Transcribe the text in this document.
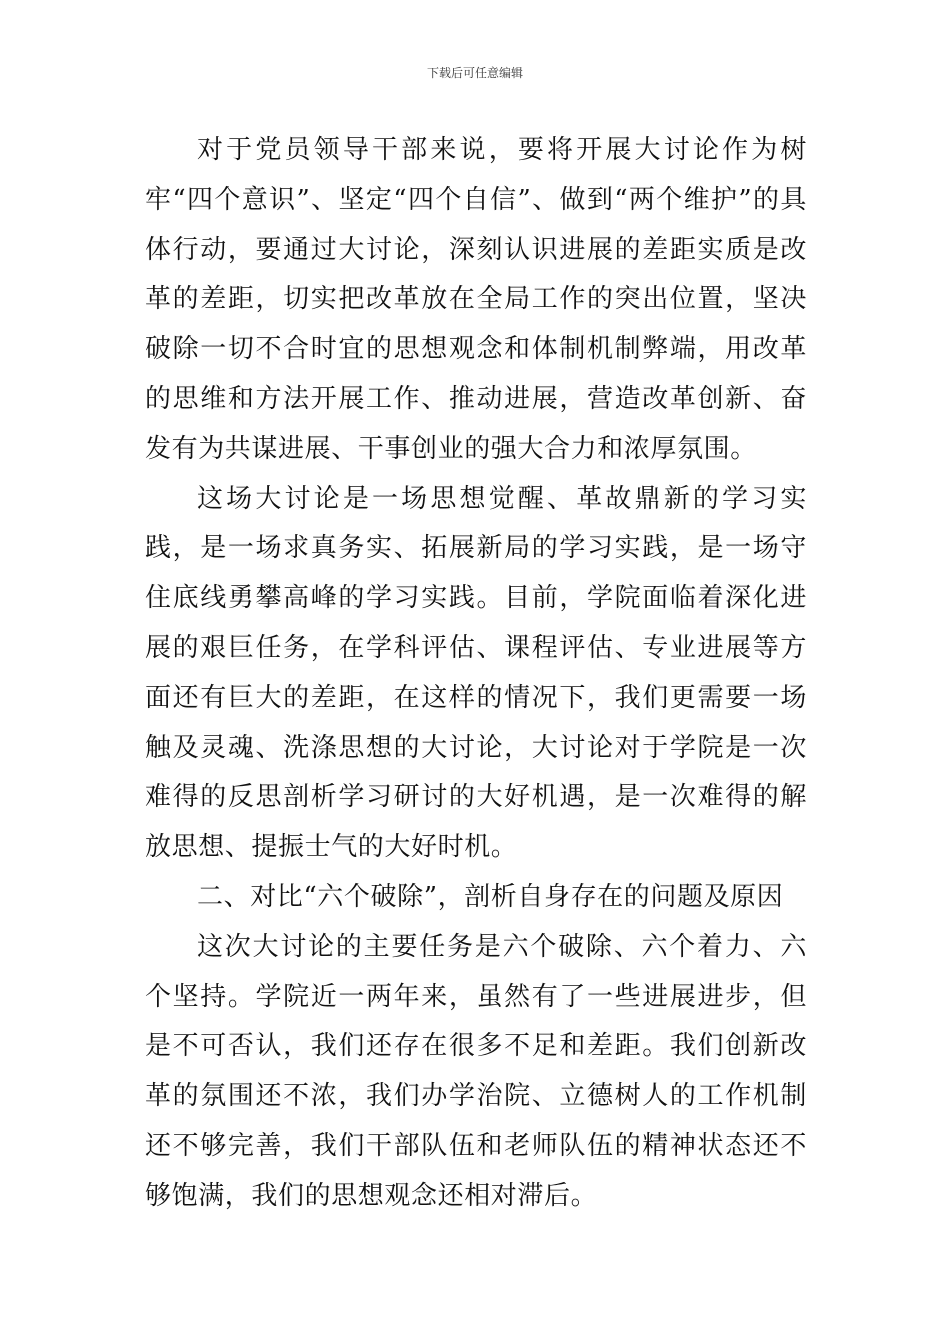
下载后可任意编辑

对于党员领导干部来说，要将开展大讨论作为树牢“四个意识”、坚定“四个自信”、做到“两个维护”的具体行动，要通过大讨论，深刻认识进展的差距实质是改革的差距，切实把改革放在全局工作的突出位置，坚决破除一切不合时宜的思想观念和体制机制弊端，用改革的思维和方法开展工作、推动进展，营造改革创新、奋发有为共谋进展、干事创业的强大合力和浓厚氛围。

这场大讨论是一场思想觉醒、革故鼎新的学习实践，是一场求真务实、拓展新局的学习实践，是一场守住底线勇攀高峰的学习实践。目前，学院面临着深化进展的艰巨任务，在学科评估、课程评估、专业进展等方面还有巨大的差距，在这样的情况下，我们更需要一场触及灵魂、洗涤思想的大讨论，大讨论对于学院是一次难得的反思剖析学习研讨的大好机遇，是一次难得的解放思想、提振士气的大好时机。

二、对比“六个破除”，剖析自身存在的问题及原因

这次大讨论的主要任务是六个破除、六个着力、六个坚持。学院近一两年来，虽然有了一些进展进步，但是不可否认，我们还存在很多不足和差距。我们创新改革的氛围还不浓，我们办学治院、立德树人的工作机制还不够完善，我们干部队伍和老师队伍的精神状态还不够饱满，我们的思想观念还相对滞后。
